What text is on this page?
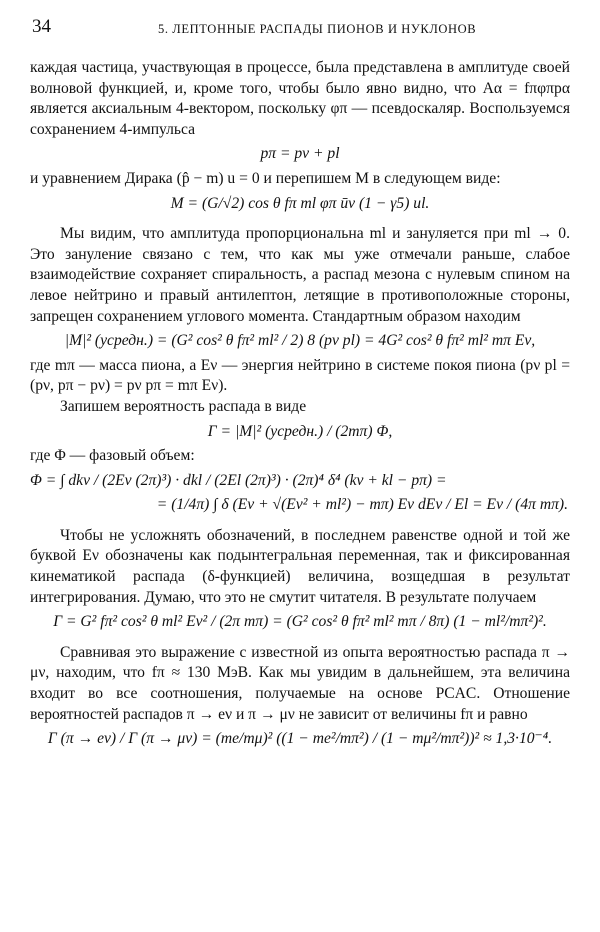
34	5. ЛЕПТОННЫЕ РАСПАДЫ ПИОНОВ И НУКЛОНОВ

каждая частица, участвующая в процессе, была представлена в амплитуде своей волновой функцией, и, кроме того, чтобы было явно видно, что Aα = fπφπpα является аксиальным 4-вектором, поскольку φπ — псевдоскаляр. Воспользуемся сохранением 4-импульса

pπ = pν + pl

и уравнением Дирака (p̂ − m) u = 0 и перепишем M в следующем виде:

M = (G/√2) cos θ fπ ml φπ ūν (1 − γ5) ul.

Мы видим, что амплитуда пропорциональна ml и зануляется при ml → 0. Это зануление связано с тем, что как мы уже отмечали раньше, слабое взаимодействие сохраняет спиральность, а распад мезона с нулевым спином на левое нейтрино и правый антилептон, летящие в противоположные стороны, запрещен сохранением углового момента. Стандартным образом находим

|M|² (усредн.) = (G² cos² θ fπ² ml² / 2) 8 (pν pl) = 4G² cos² θ fπ² ml² mπ Eν,

где mπ — масса пиона, а Eν — энергия нейтрино в системе покоя пиона (pν pl = (pν, pπ − pν) = pν pπ = mπ Eν).

Запишем вероятность распада в виде

Γ = |M|² (усредн.) / (2mπ) Φ,

где Φ — фазовый объем:

Φ = ∫ dkν / (2Eν (2π)³) · dkl / (2El (2π)³) · (2π)⁴ δ⁴ (kν + kl − pπ) =

= (1/4π) ∫ δ (Eν + √(Eν² + ml²) − mπ) Eν dEν / El = Eν / (4π mπ).

Чтобы не усложнять обозначений, в последнем равенстве одной и той же буквой Eν обозначены как подынтегральная переменная, так и фиксированная кинематикой распада (δ-функцией) величина, возщедшая в результат интегрирования. Думаю, что это не смутит читателя. В результате получаем

Γ = G² fπ² cos² θ ml² Eν² / (2π mπ) = (G² cos² θ fπ² ml² mπ / 8π) (1 − ml²/mπ²)².

Сравнивая это выражение с известной из опыта вероятностью распада π → μν, находим, что fπ ≈ 130 МэВ. Как мы увидим в дальнейшем, эта величина входит во все соотношения, получаемые на основе PCAC. Отношение вероятностей распадов π → eν и π → μν не зависит от величины fπ и равно

Γ (π → eν) / Γ (π → μν) = (me/mμ)² ((1 − me²/mπ²) / (1 − mμ²/mπ²))² ≈ 1,3·10⁻⁴.
